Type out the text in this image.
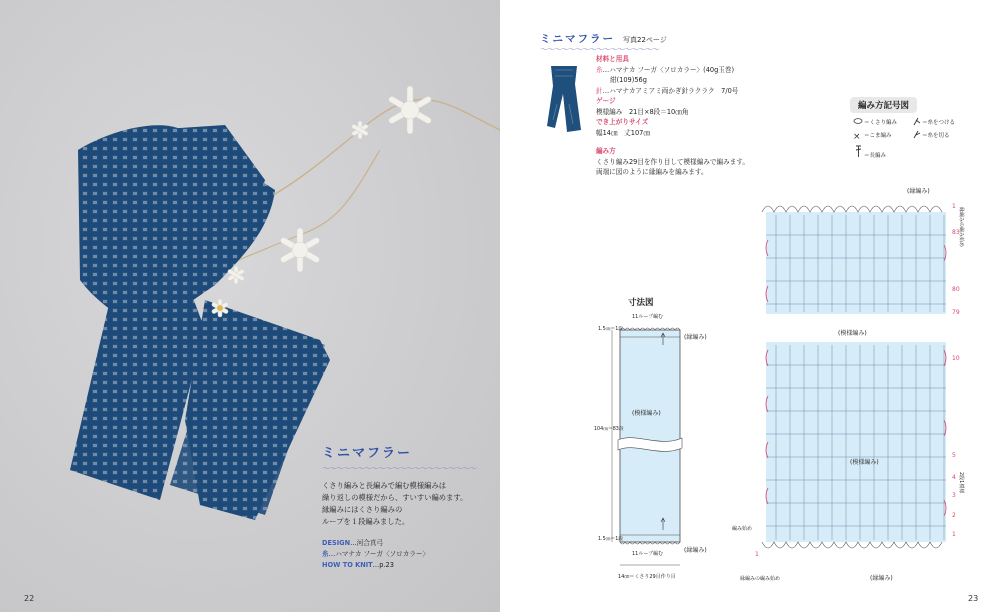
ミニマフラー
〜〜〜〜〜〜〜〜〜〜〜〜〜〜〜〜〜〜〜〜〜〜
くさり編みと長編みで編む模様編みは
繰り返しの模様だから、すいすい編めます。
縁編みにはくさり編みの
ループを１段編みました。
DESIGN…河合真弓
糸…ハマナカ フーガ〈ソロカラー〉
HOW TO KNIT…p.23
22
ミニマフラー 写真22ページ
〜〜〜〜〜〜〜〜〜〜〜〜〜〜〜〜〜
材料と用具
糸…ハマナカ フーガ〈ソロカラー〉(40g玉巻)
紺(109)56g
針…ハマナカアミアミ両かぎ針ラクラク　7/0号
ゲージ
模様編み　21目×8段＝10㎝角
でき上がりサイズ
幅14㎝　丈107㎝
編み方
くさり編み29目を作り目して模様編みで編みます。
両端に図のように縁編みを編みます。
編み方記号図
×
＝くさり編み
＝こま編み
＝長編み
＝糸をつける
＝糸を切る
寸法図
11ループ編む
11ループ編む
(縁編み)
(縁編み)
(模様編み)
1.5㎝＝1段
1.5㎝＝1段
104㎝＝83段
14㎝＝くさり29目作り目
(縁編み)
(模様編み)
(模様編み)
(縁編み)
1
83
80
79
10
5
4
3
2
1
1
縁編みの編み始め
2段1模様
編み始め
縁編みの編み始め
23
